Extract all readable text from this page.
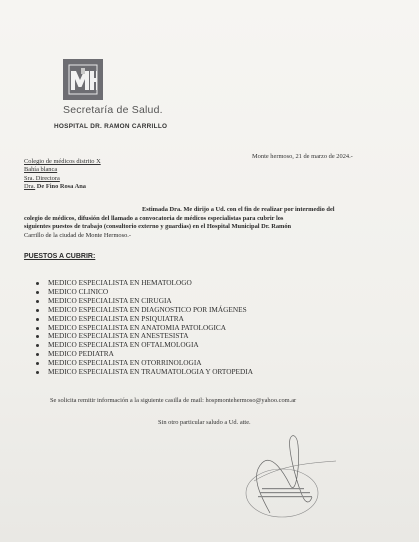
Secretaría de Salud.
HOSPITAL DR. RAMON CARRILLO
Monte hermoso, 21 de marzo de 2024.-
Colegio de médicos distrito X
Bahía blanca
Sra. Directora
Dra. De Fino Rosa Ana
Estimada Dra. Me dirijo a Ud. con el fin de realizar por intermedio del
colegio de médicos, difusión del llamado a convocatoria de médicos especialistas para cubrir los
siguientes puestos de trabajo (consultorio externo y guardias) en el Hospital Municipal Dr. Ramón
Carrillo de la ciudad de Monte Hermoso.-
PUESTOS A CUBRIR:
MEDICO ESPECIALISTA EN HEMATOLOGO
MEDICO CLINICO
MEDICO ESPECIALISTA EN CIRUGIA
MEDICO ESPECIALISTA EN DIAGNOSTICO POR IMÁGENES
MEDICO ESPECIALISTA EN PSIQUIATRA
MEDICO ESPECIALISTA EN ANATOMIA PATOLOGICA
MEDICO ESPECIALISTA EN ANESTESISTA
MEDICO ESPECIALISTA EN OFTALMOLOGIA
MEDICO PEDIATRA
MEDICO ESPECIALISTA EN OTORRINOLOGIA
MEDICO ESPECIALISTA EN TRAUMATOLOGIA Y ORTOPEDIA
Se solicita remitir información a la siguiente casilla de mail: hospmontehermoso@yahoo.com.ar
Sin otro particular saludo a Ud. atte.
